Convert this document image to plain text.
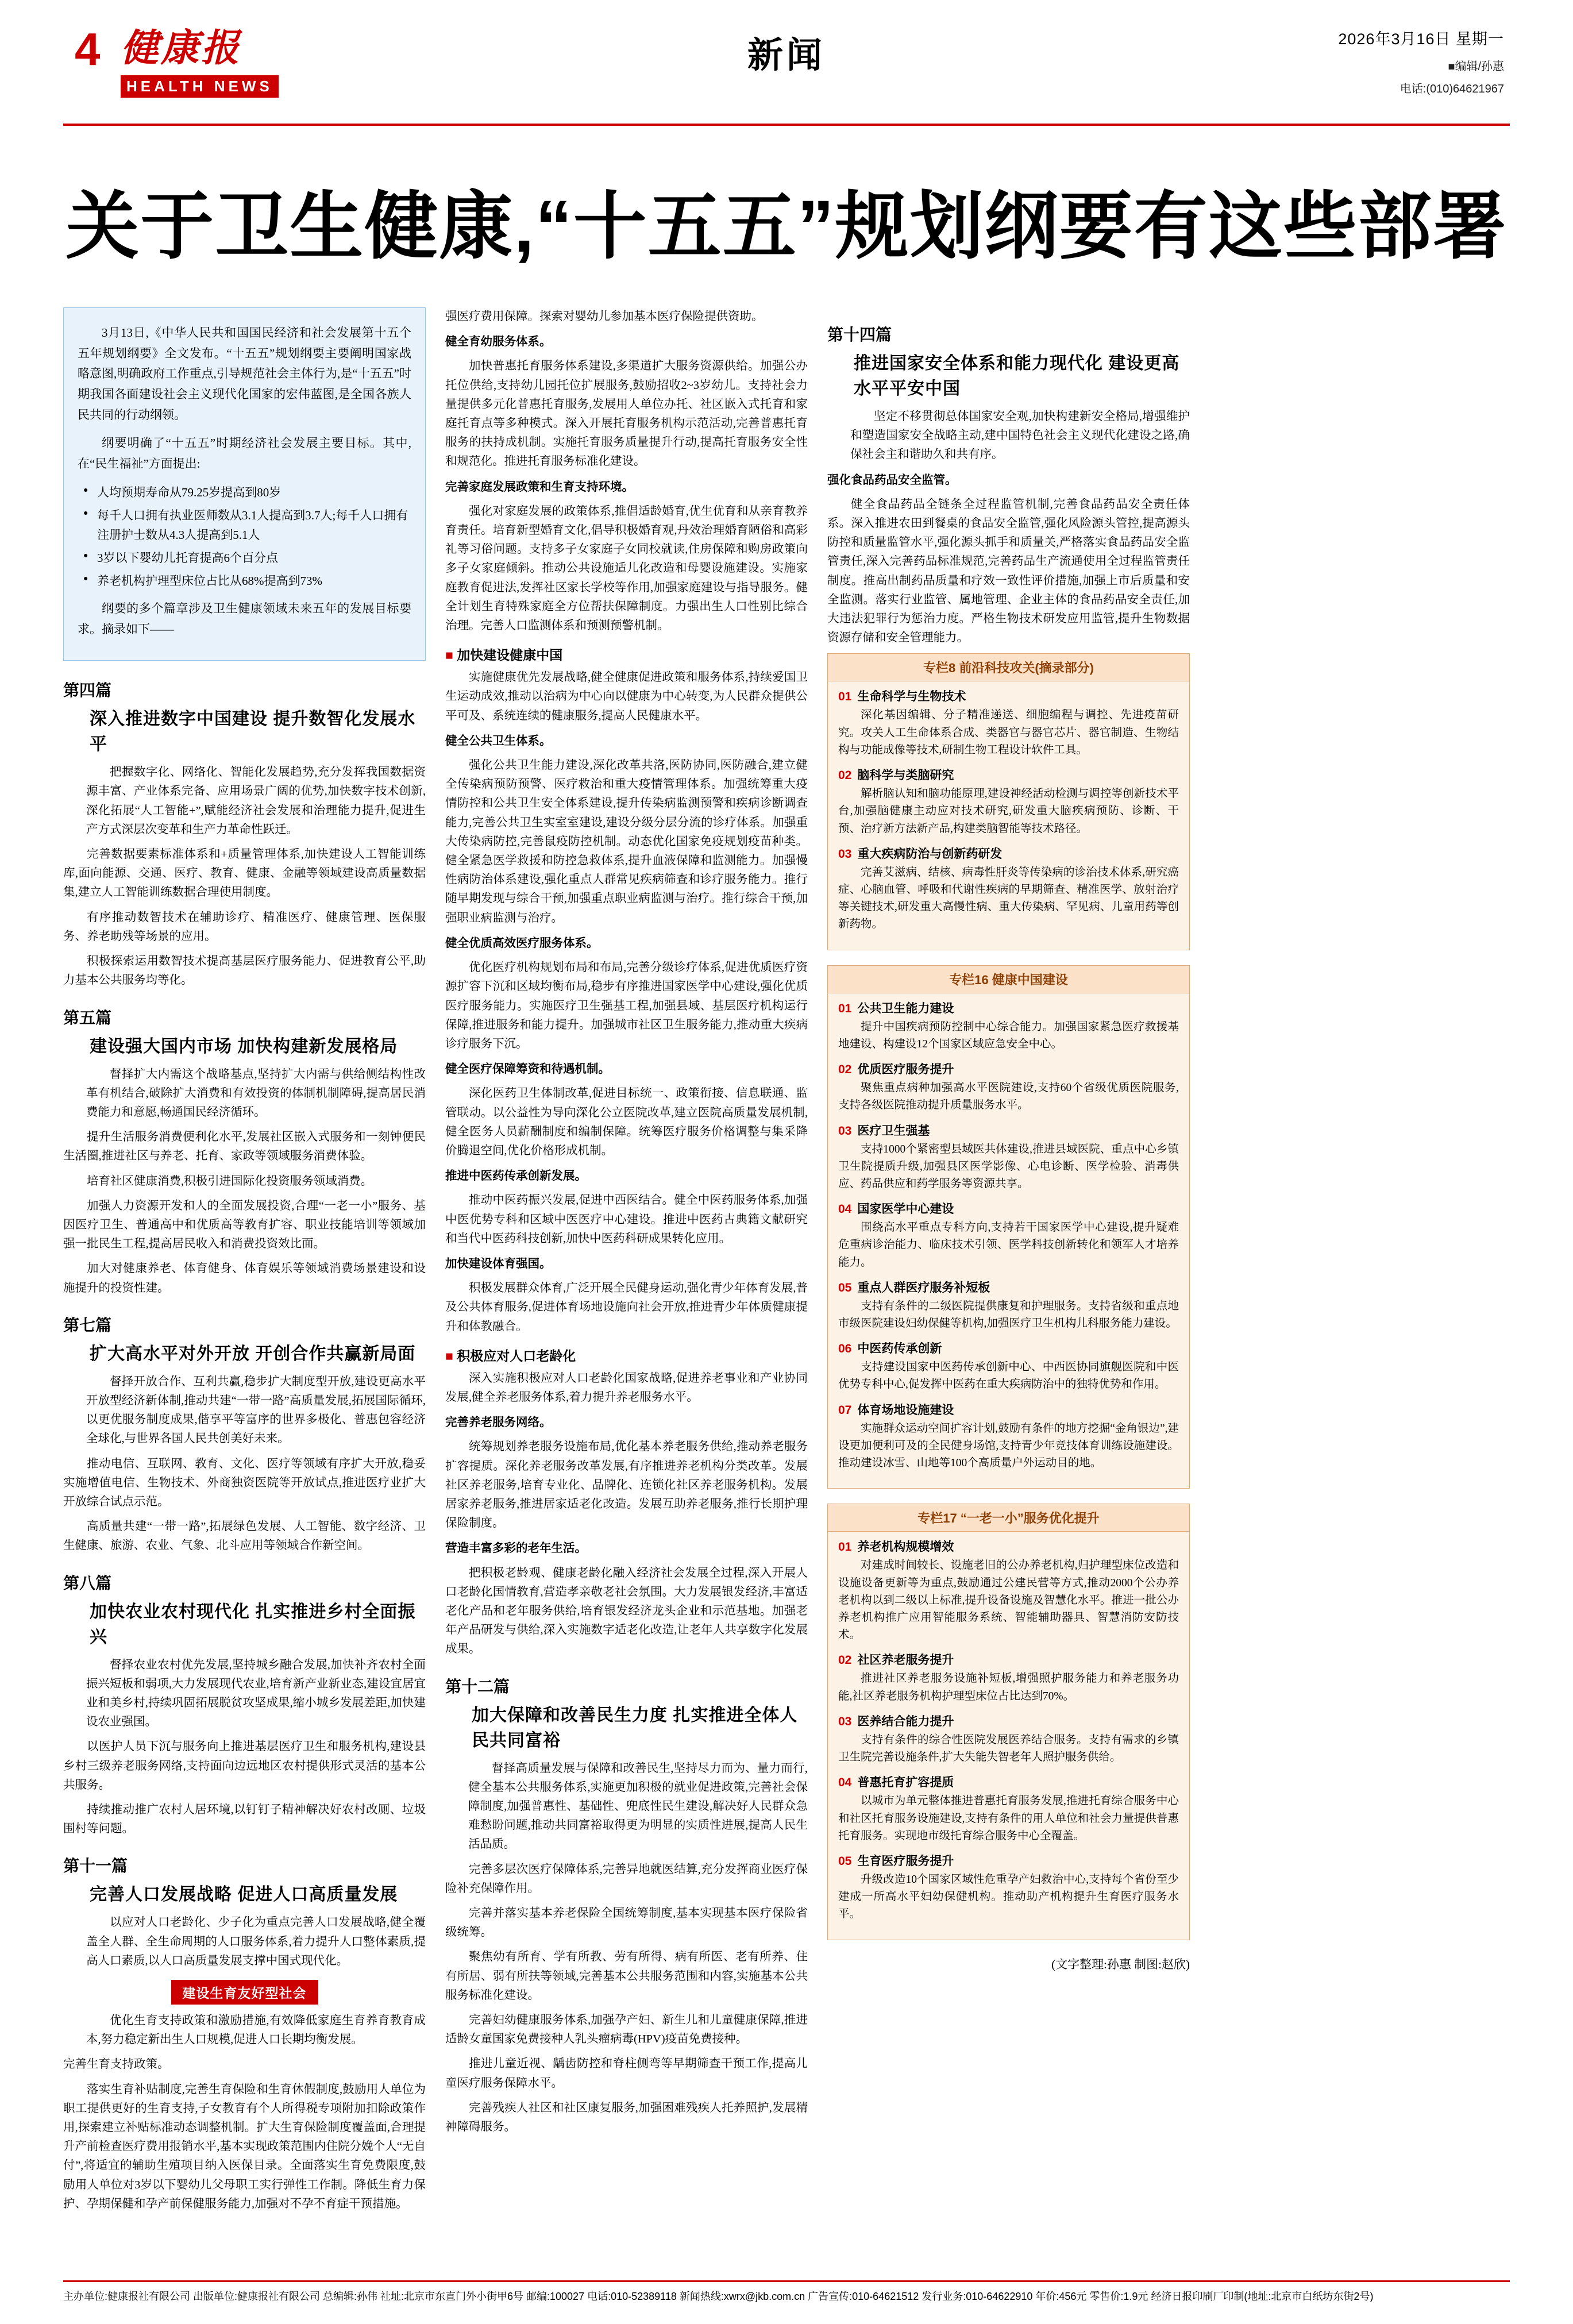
4 健康报
HEALTH NEWS
新闻	2026年3月16日 星期一
■编辑/孙惠
电话:(010)64621967
关于卫生健康,“十五五”规划纲要有这些部署

3月13日,《中华人民共和国国民经济和社会发展第十五个五年规划纲要》全文发布。“十五五”规划纲要主要阐明国家战略意图,明确政府工作重点,引导规范社会主体行为,是“十五五”时期我国各面建设社会主义现代化国家的宏伟蓝图,是全国各族人民共同的行动纲领。

纲要明确了“十五五”时期经济社会发展主要目标。其中,在“民生福祉”方面提出:

● 人均预期寿命从79.25岁提高到80岁
● 每千人口拥有执业医师数从3.1人提高到3.7人;每千人口拥有注册护士数从4.3人提高到5.1人
● 3岁以下婴幼儿托育提高6个百分点
● 养老机构护理型床位占比从68%提高到73%

纲要的多个篇章涉及卫生健康领域未来五年的发展目标要求。摘录如下——

第四篇
深入推进数字中国建设 提升数智化发展水平
把握数字化、网络化、智能化发展趋势,充分发挥我国数据资源丰富、产业体系完备、应用场景广阔的优势,加快数字技术创新,深化拓展“人工智能+”,赋能经济社会发展和治理能力提升,促进生产方式深层次变革和生产力革命性跃迁。

完善数据要素标准体系和+质量管理体系,加快建设人工智能训练库,面向能源、交通、医疗、教育、健康、金融等领域建设高质量数据集,建立人工智能训练数据合理使用制度。

有序推动数智技术在辅助诊疗、精准医疗、健康管理、医保服务、养老助残等场景的应用。

积极探索运用数智技术提高基层医疗服务能力、促进教育公平,助力基本公共服务均等化。

第五篇
建设强大国内市场 加快构建新发展格局
督择扩大内需这个战略基点,坚持扩大内需与供给侧结构性改革有机结合,破除扩大消费和有效投资的体制机制障碍,提高居民消费能力和意愿,畅通国民经济循环。

提升生活服务消费便利化水平,发展社区嵌入式服务和一刻钟便民生活圈,推进社区与养老、托育、家政等领域服务消费体验。

培育社区健康消费,积极引进国际化投资服务领域消费。

加强人力资源开发和人的全面发展投资,合理“一老一小”服务、基因医疗卫生、普通高中和优质高等教育扩容、职业技能培训等领域加强一批民生工程,提高居民收入和消费投资效比面。

加大对健康养老、体育健身、体育娱乐等领域消费场景建设和设施提升的投资性建。

第七篇
扩大高水平对外开放 开创合作共赢新局面
督择开放合作、互利共赢,稳步扩大制度型开放,建设更高水平开放型经济新体制,推动共建“一带一路”高质量发展,拓展国际循环,以更优服务制度成果,偕享平等富序的世界多极化、普惠包容经济全球化,与世界各国人民共创美好未来。

推动电信、互联网、教育、文化、医疗等领域有序扩大开放,稳妥实施增值电信、生物技术、外商独资医院等开放试点,推进医疗业扩大开放综合试点示范。

高质量共建“一带一路”,拓展绿色发展、人工智能、数字经济、卫生健康、旅游、农业、气象、北斗应用等领域合作新空间。

第八篇
加快农业农村现代化 扎实推进乡村全面振兴
督择农业农村优先发展,坚持城乡融合发展,加快补齐农村全面振兴短板和弱项,大力发展现代农业,培育新产业新业态,建设宜居宜业和美乡村,持续巩固拓展脱贫攻坚成果,缩小城乡发展差距,加快建设农业强国。

以医护人员下沉与服务向上推进基层医疗卫生和服务机构,建设县乡村三级养老服务网络,支持面向边远地区农村提供形式灵活的基本公共服务。

持续推动推广农村人居环境,以钉钉子精神解决好农村改厕、垃圾围村等问题。

第十一篇
完善人口发展战略 促进人口高质量发展
以应对人口老龄化、少子化为重点完善人口发展战略,健全覆盖全人群、全生命周期的人口服务体系,着力提升人口整体素质,提高人口素质,以人口高质量发展支撑中国式现代化。
建设生育友好型社会
优化生育支持政策和激励措施,有效降低家庭生育养育教育成本,努力稳定新出生人口规模,促进人口长期均衡发展。

完善生育支持政策。

落实生育补贴制度,完善生育保险和生育休假制度,鼓励用人单位为职工提供更好的生育支持,子女教育有个人所得税专项附加扣除政策作用,探索建立补贴标准动态调整机制。扩大生育保险制度覆盖面,合理提升产前检查医疗费用报销水平,基本实现政策范围内住院分娩个人“无自付”,将适宜的辅助生殖项目纳入医保目录。全面落实生育免费限度,鼓励用人单位对3岁以下婴幼儿父母职工实行弹性工作制。降低生育力保护、孕期保健和孕产前保健服务能力,加强对不孕不育症干预措施。

强医疗费用保障。探索对婴幼儿参加基本医疗保险提供资助。

健全育幼服务体系。

加快普惠托育服务体系建设,多渠道扩大服务资源供给。加强公办托位供给,支持幼儿园托位扩展服务,鼓励招收2~3岁幼儿。支持社会力量提供多元化普惠托育服务,发展用人单位办托、社区嵌入式托育和家庭托育点等多种模式。深入开展托育服务机构示范活动,完善普惠托育服务的扶持成机制。实施托育服务质量提升行动,提高托育服务安全性和规范化。推进托育服务标准化建设。

完善家庭发展政策和生育支持环境。

强化对家庭发展的政策体系,推倡适龄婚育,优生优育和从亲育教养育责任。培育新型婚育文化,倡导积极婚育观,丹效治理婚育陋俗和高彩礼等习俗问题。支持多子女家庭子女同校就读,住房保障和购房政策向多子女家庭倾斜。推动公共设施适儿化改造和母婴设施建设。实施家庭教育促进法,发挥社区家长学校等作用,加强家庭建设与指导服务。健全计划生育特殊家庭全方位帮扶保障制度。力强出生人口性别比综合治理。完善人口监测体系和预测预警机制。

■ 加快建设健康中国

实施健康优先发展战略,健全健康促进政策和服务体系,持续爱国卫生运动成效,推动以治病为中心向以健康为中心转变,为人民群众提供公平可及、系统连续的健康服务,提高人民健康水平。

健全公共卫生体系。

强化公共卫生能力建设,深化改革共洛,医防协同,医防融合,建立健全传染病预防预警、医疗救治和重大疫情管理体系。加强统筹重大疫情防控和公共卫生安全体系建设,提升传染病监测预警和疾病诊断调查能力,完善公共卫生实室室建设,建设分级分层分流的诊疗体系。加强重大传染病防控,完善鼠疫防控机制。动态优化国家免疫规划疫苗种类。健全紧急医学救援和防控急救体系,提升血液保障和监测能力。加强慢性病防治体系建设,强化重点人群常见疾病筛查和诊疗服务能力。推行随早期发现与综合干预,加强重点职业病监测与治疗。推行综合干预,加强职业病监测与治疗。

健全优质高效医疗服务体系。

优化医疗机构规划布局和布局,完善分级诊疗体系,促进优质医疗资源扩容下沉和区域均衡布局,稳步有序推进国家医学中心建设,强化优质医疗服务能力。实施医疗卫生强基工程,加强县域、基层医疗机构运行保障,推进服务和能力提升。加强城市社区卫生服务能力,推动重大疾病诊疗服务下沉。

健全医疗保障筹资和待遇机制。

深化医药卫生体制改革,促进目标统一、政策衔接、信息联通、监管联动。以公益性为导向深化公立医院改革,建立医院高质量发展机制,健全医务人员薪酬制度和编制保障。统筹医疗服务价格调整与集采降价腾退空间,优化价格形成机制。

推进中医药传承创新发展。

推动中医药振兴发展,促进中西医结合。健全中医药服务体系,加强中医优势专科和区域中医医疗中心建设。推进中医药古典籍文献研究和当代中医药科技创新,加快中医药科研成果转化应用。

加快建设体育强国。

积极发展群众体育,广泛开展全民健身运动,强化青少年体育发展,普及公共体育服务,促进体育场地设施向社会开放,推进青少年体质健康提升和体教融合。

■ 积极应对人口老龄化

深入实施积极应对人口老龄化国家战略,促进养老事业和产业协同发展,健全养老服务体系,着力提升养老服务水平。

完善养老服务网络。

统筹规划养老服务设施布局,优化基本养老服务供给,推动养老服务扩容提质。深化养老服务改革发展,有序推进养老机构分类改革。发展社区养老服务,培育专业化、品牌化、连锁化社区养老服务机构。发展居家养老服务,推进居家适老化改造。发展互助养老服务,推行长期护理保险制度。

营造丰富多彩的老年生活。

把积极老龄观、健康老龄化融入经济社会发展全过程,深入开展人口老龄化国情教育,营造孝亲敬老社会氛围。大力发展银发经济,丰富适老化产品和老年服务供给,培育银发经济龙头企业和示范基地。加强老年产品研发与供给,深入实施数字适老化改造,让老年人共享数字化发展成果。

第十二篇
加大保障和改善民生力度 扎实推进全体人民共同富裕
督择高质量发展与保障和改善民生,坚持尽力而为、量力而行,健全基本公共服务体系,实施更加积极的就业促进政策,完善社会保障制度,加强普惠性、基础性、兜底性民生建设,解决好人民群众急难愁盼问题,推动共同富裕取得更为明显的实质性进展,提高人民生活品质。

完善多层次医疗保障体系,完善异地就医结算,充分发挥商业医疗保险补充保障作用。

完善并落实基本养老保险全国统筹制度,基本实现基本医疗保险省级统筹。

聚焦幼有所育、学有所教、劳有所得、病有所医、老有所养、住有所居、弱有所扶等领域,完善基本公共服务范围和内容,实施基本公共服务标准化建设。

完善妇幼健康服务体系,加强孕产妇、新生儿和儿童健康保障,推进适龄女童国家免费接种人乳头瘤病毒(HPV)疫苗免费接种。

推进儿童近视、龋齿防控和脊柱侧弯等早期筛查干预工作,提高儿童医疗服务保障水平。

完善残疾人社区和社区康复服务,加强困难残疾人托养照护,发展精神障碍服务。

第十四篇
推进国家安全体系和能力现代化 建设更高水平平安中国
坚定不移贯彻总体国家安全观,加快构建新安全格局,增强维护和塑造国家安全战略主动,建中国特色社会主义现代化建设之路,确保社会主和谐助久和共有序。

强化食品药品安全监管。

健全食品药品全链条全过程监管机制,完善食品药品安全责任体系。深入推进农田到餐桌的食品安全监管,强化风险源头管控,提高源头防控和质量监管水平,强化源头抓手和质量关,严格落实食品药品安全监管责任,深入完善药品标准规范,完善药品生产流通使用全过程监管责任制度。推高出制药品质量和疗效一致性评价措施,加强上市后质量和安全监测。落实行业监管、属地管理、企业主体的食品药品安全责任,加大违法犯罪行为惩治力度。严格生物技术研发应用监管,提升生物数据资源存储和安全管理能力。

专栏8 前沿科技攻关(摘录部分)
01 生命科学与生物技术
深化基因编辑、分子精准递送、细胞编程与调控、先进疫苗研究。攻关人工生命体系合成、类器官与器官芯片、器官制造、生物结构与功能成像等技术,研制生物工程设计软件工具。
02 脑科学与类脑研究
解析脑认知和脑功能原理,建设神经活动检测与调控等创新技术平台,加强脑健康主动应对技术研究,研发重大脑疾病预防、诊断、干预、治疗新方法新产品,构建类脑智能等技术路径。
03 重大疾病防治与创新药研发
完善艾滋病、结核、病毒性肝炎等传染病的诊治技术体系,研究癌症、心脑血管、呼吸和代谢性疾病的早期筛查、精准医学、放射治疗等关键技术,研发重大高慢性病、重大传染病、罕见病、儿童用药等创新药物。
专栏16 健康中国建设
01 公共卫生能力建设
提升中国疾病预防控制中心综合能力。加强国家紧急医疗救援基地建设、构建设12个国家区域应急安全中心。
02 优质医疗服务提升
聚焦重点病种加强高水平医院建设,支持60个省级优质医院服务,支持各级医院推动提升质量服务水平。
03 医疗卫生强基
支持1000个紧密型县域医共体建设,推进县域医院、重点中心乡镇卫生院提质升级,加强县区医学影像、心电诊断、医学检验、消毒供应、药品供应和药学服务等资源共享。
04 国家医学中心建设
围绕高水平重点专科方向,支持若干国家医学中心建设,提升疑难危重病诊治能力、临床技术引领、医学科技创新转化和领军人才培养能力。
05 重点人群医疗服务补短板
支持有条件的二级医院提供康复和护理服务。支持省级和重点地市级医院建设妇幼保健等机构,加强医疗卫生机构儿科服务能力建设。
06 中医药传承创新
支持建设国家中医药传承创新中心、中西医协同旗舰医院和中医优势专科中心,促发挥中医药在重大疾病防治中的独特优势和作用。
07 体育场地设施建设
实施群众运动空间扩容计划,鼓励有条件的地方挖掘“金角银边”,建设更加便利可及的全民健身场馆,支持青少年竞技体育训练设施建设。推动建设冰雪、山地等100个高质量户外运动目的地。
专栏17 “一老一小”服务优化提升
01 养老机构规模增效
对建成时间较长、设施老旧的公办养老机构,归护理型床位改造和设施设备更新等为重点,鼓励通过公建民营等方式,推动2000个公办养老机构以到二级以上标准,提升设备设施及智慧化水平。推进一批公办养老机构推广应用智能服务系统、智能辅助器具、智慧消防安防技术。
02 社区养老服务提升
推进社区养老服务设施补短板,增强照护服务能力和养老服务功能,社区养老服务机构护理型床位占比达到70%。
03 医养结合能力提升
支持有条件的综合性医院发展医养结合服务。支持有需求的乡镇卫生院完善设施条件,扩大失能失智老年人照护服务供给。
04 普惠托育扩容提质
以城市为单元整体推进普惠托育服务发展,推进托育综合服务中心和社区托育服务设施建设,支持有条件的用人单位和社会力量提供普惠托育服务。实现地市级托育综合服务中心全覆盖。
05 生育医疗服务提升
升级改造10个国家区域性危重孕产妇救治中心,支持每个省份至少建成一所高水平妇幼保健机构。推动助产机构提升生育医疗服务水平。
(文字整理:孙惠 制图:赵欣)
主办单位:健康报社有限公司 出版单位:健康报社有限公司 总编辑:孙伟 社址:北京市东直门外小街甲6号 邮编:100027 电话:010-52389118 新闻热线:xwrx@jkb.com.cn 广告宣传:010-64621512 发行业务:010-64622910 年价:456元 零售价:1.9元 经济日报印刷厂印制(地址:北京市白纸坊东街2号)
